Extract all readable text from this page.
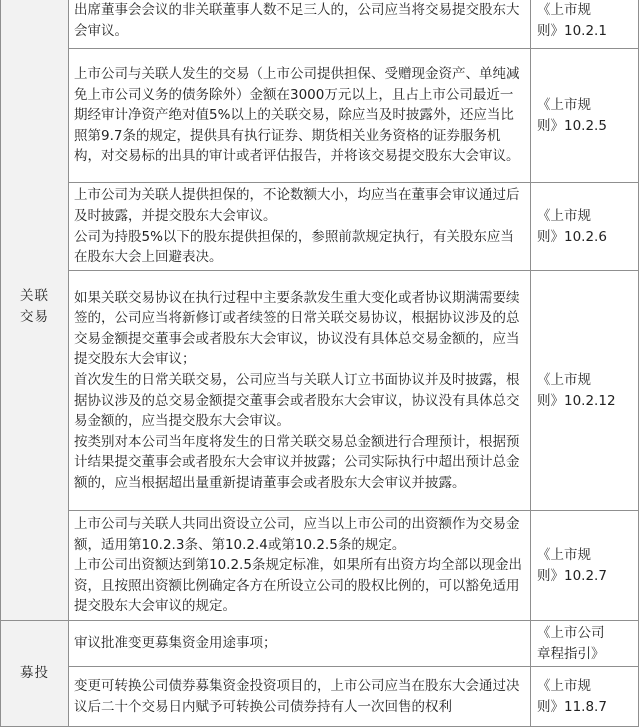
关联交易	出席董事会会议的非关联董事人数不足三人的，公司应当将交易提交股东大会审议。	《上市规
则》10.2.1

	上市公司与关联人发生的交易（上市公司提供担保、受赠现金资产、单纯减免上市公司义务的债务除外）金额在3000万元以上，且占上市公司最近一期经审计净资产绝对值5%以上的关联交易，除应当及时披露外，还应当比照第9.7条的规定，提供具有执行证券、期货相关业务资格的证券服务机构，对交易标的出具的审计或者评估报告，并将该交易提交股东大会审议。	《上市规
则》10.2.5

	上市公司为关联人提供担保的，不论数额大小，均应当在董事会审议通过后及时披露，并提交股东大会审议。
公司为持股5%以下的股东提供担保的，参照前款规定执行，有关股东应当在股东大会上回避表决。	《上市规
则》10.2.6

	如果关联交易协议在执行过程中主要条款发生重大变化或者协议期满需要续签的，公司应当将新修订或者续签的日常关联交易协议，根据协议涉及的总交易金额提交董事会或者股东大会审议，协议没有具体总交易金额的，应当提交股东大会审议；
首次发生的日常关联交易，公司应当与关联人订立书面协议并及时披露，根据协议涉及的总交易金额提交董事会或者股东大会审议，协议没有具体总交易金额的，应当提交股东大会审议。
按类别对本公司当年度将发生的日常关联交易总金额进行合理预计，根据预计结果提交董事会或者股东大会审议并披露；公司实际执行中超出预计总金额的，应当根据超出量重新提请董事会或者股东大会审议并披露。	《上市规
则》10.2.12

	上市公司与关联人共同出资设立公司，应当以上市公司的出资额作为交易金额，适用第10.2.3条、第10.2.4或第10.2.5条的规定。
上市公司出资额达到第10.2.5条规定标准，如果所有出资方均全部以现金出资，且按照出资额比例确定各方在所设立公司的股权比例的，可以豁免适用提交股东大会审议的规定。	《上市规
则》10.2.7

募投	审议批准变更募集资金用途事项；	《上市公司
章程指引》

	变更可转换公司债券募集资金投资项目的，上市公司应当在股东大会通过决议后二十个交易日内赋予可转换公司债券持有人一次回售的权利	《上市规
则》11.8.7
